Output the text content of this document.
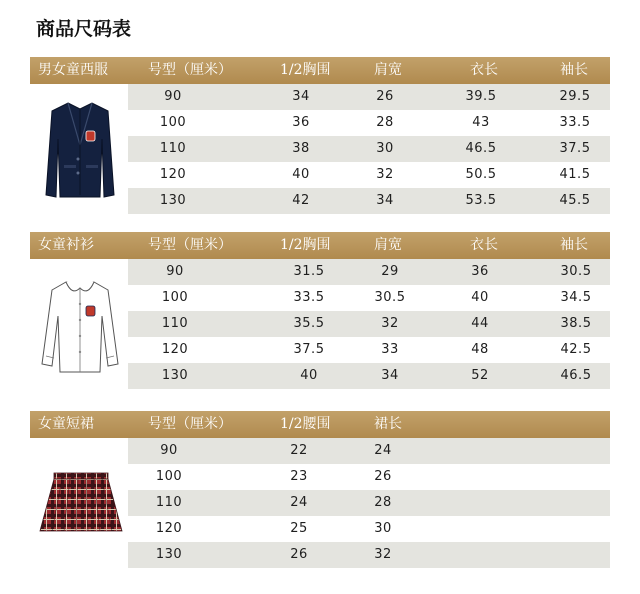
商品尺码表
男女童西服	号型（厘米）	1/2胸围	肩宽	衣长	袖长
90	34	26	39.5	29.5
100	36	28	43	33.5
110	38	30	46.5	37.5
120	40	32	50.5	41.5
130	42	34	53.5	45.5
女童衬衫	号型（厘米）	1/2胸围	肩宽	衣长	袖长
90	31.5	29	36	30.5
100	33.5	30.5	40	34.5
110	35.5	32	44	38.5
120	37.5	33	48	42.5
130	40	34	52	46.5
女童短裙	号型（厘米）	1/2腰围	裙长
90	22	24
100	23	26
110	24	28
120	25	30
130	26	32
